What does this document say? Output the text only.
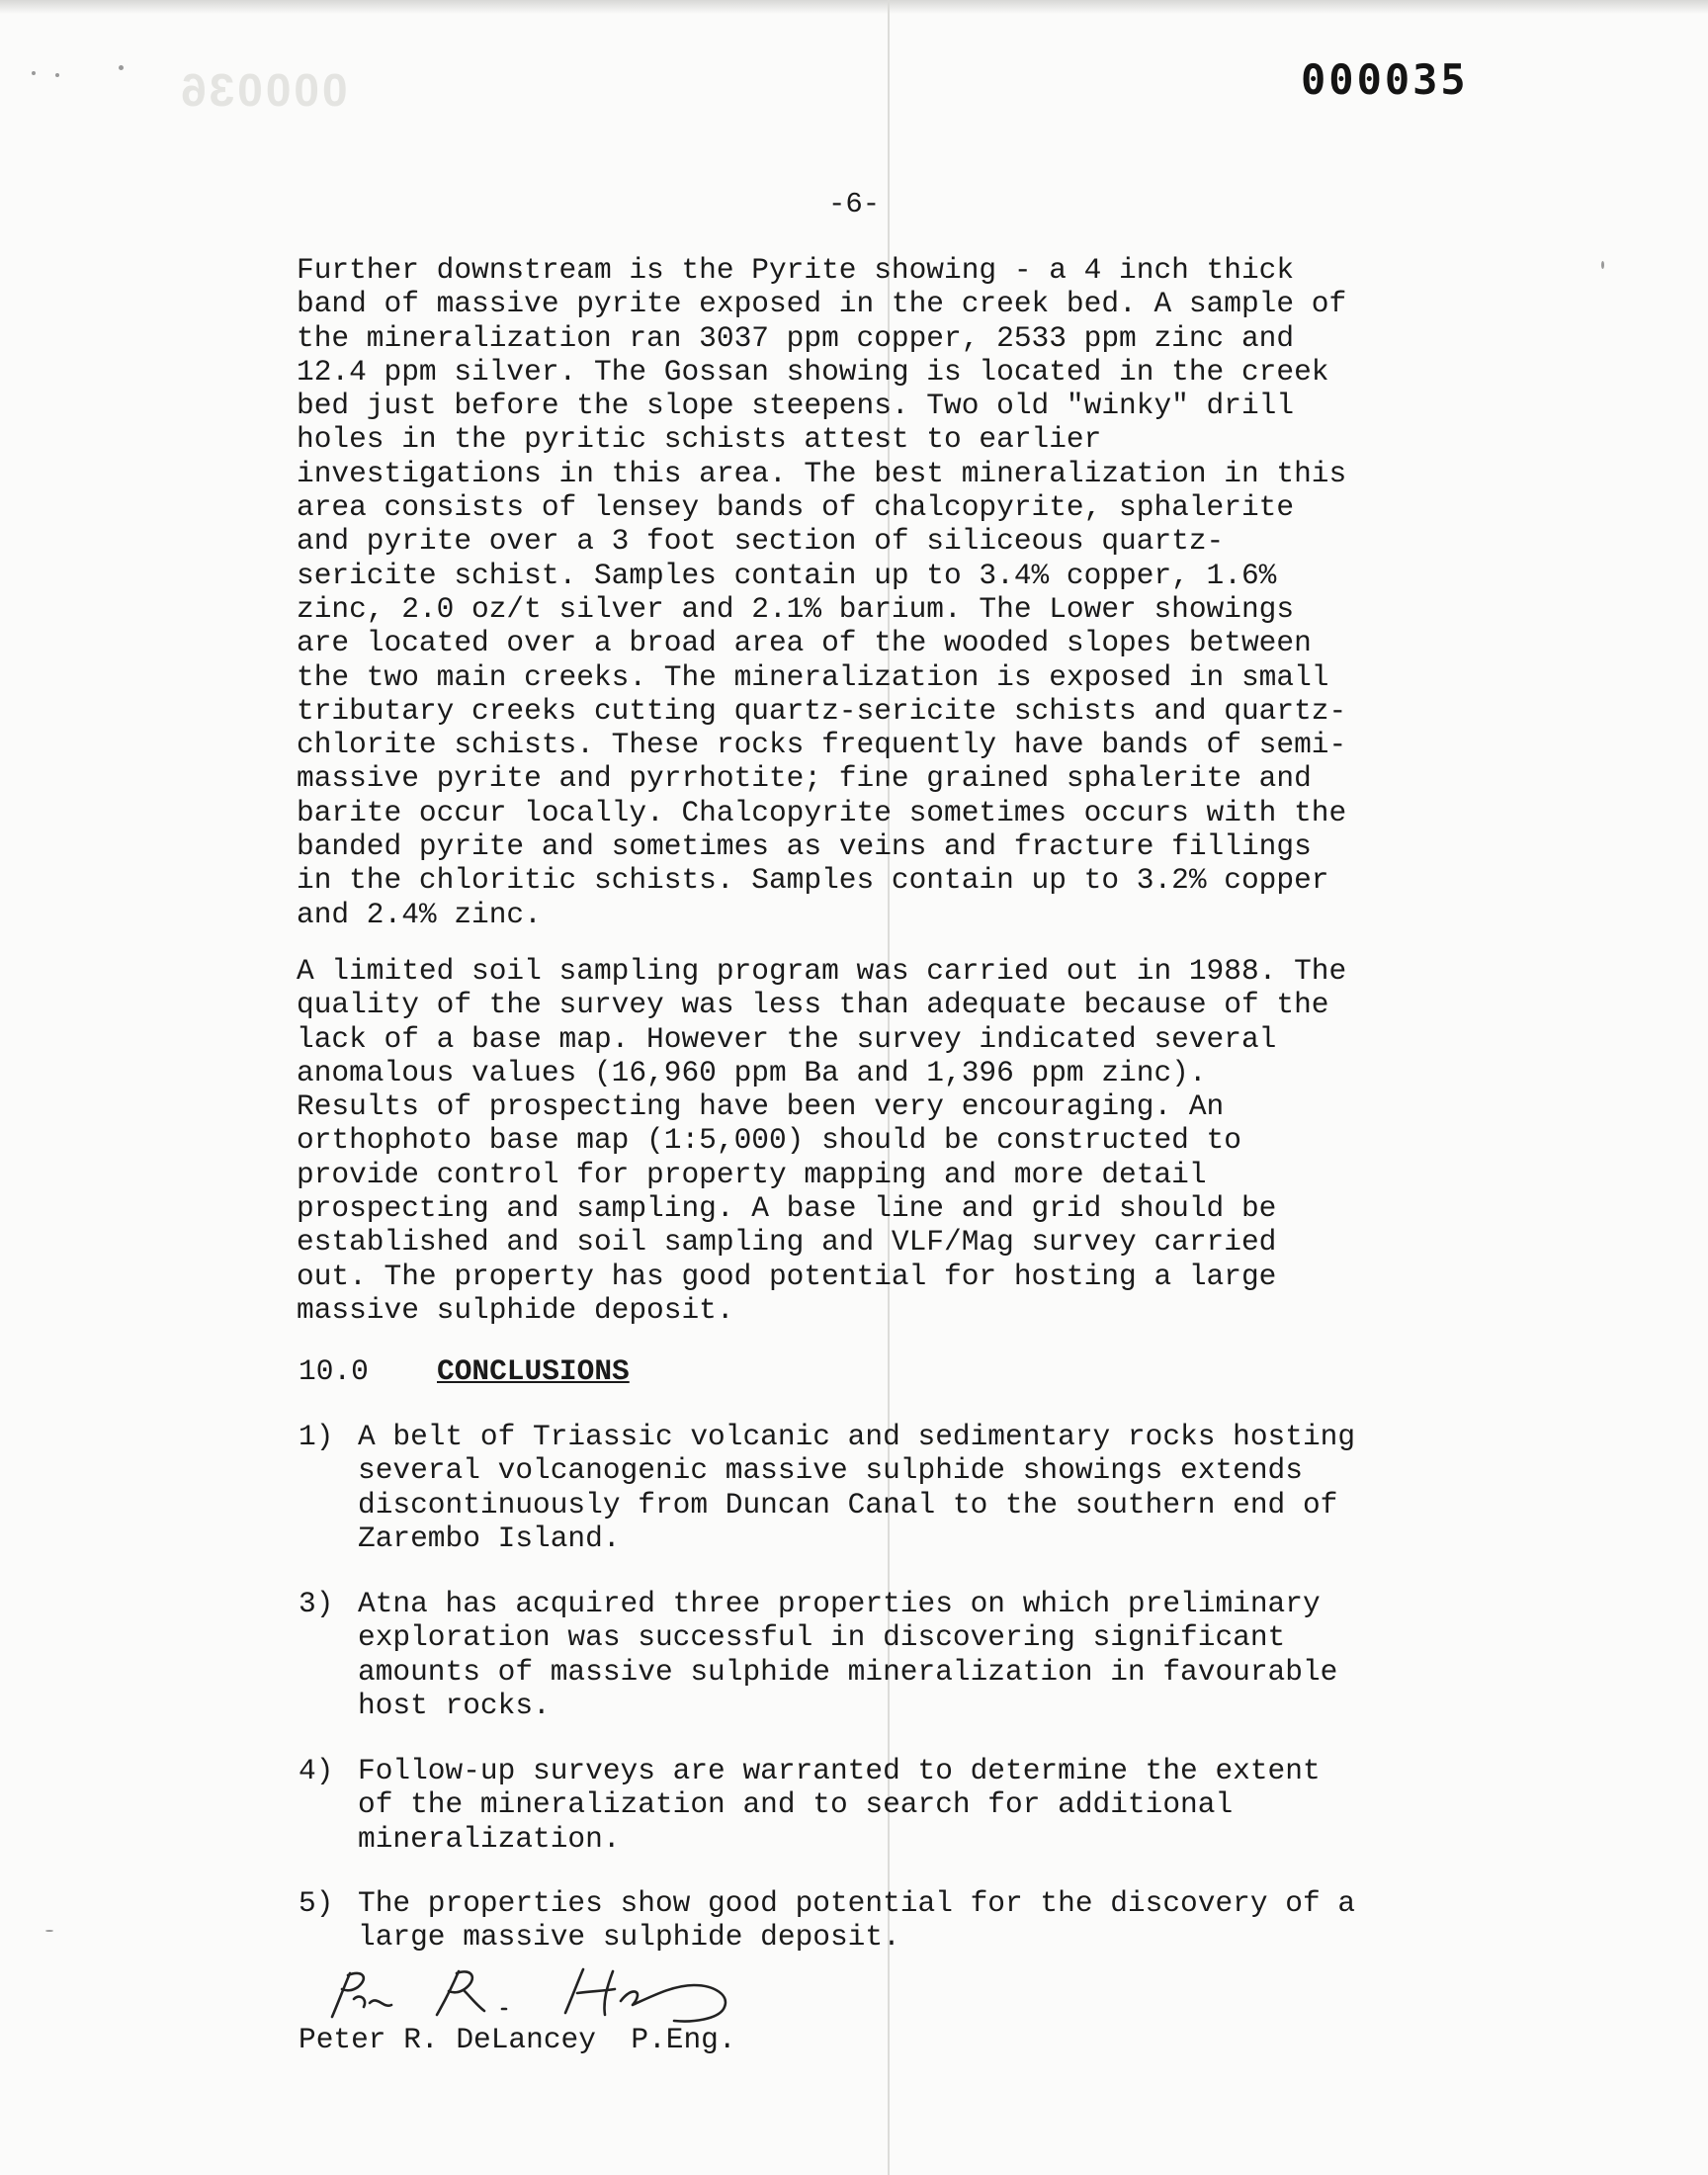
000036	000035
-6-

Further downstream is the Pyrite showing - a 4 inch thick
band of massive pyrite exposed in the creek bed. A sample of
the mineralization ran 3037 ppm copper, 2533 ppm zinc and
12.4 ppm silver. The Gossan showing is located in the creek
bed just before the slope steepens. Two old "winky" drill
holes in the pyritic schists attest to earlier
investigations in this area. The best mineralization in this
area consists of lensey bands of chalcopyrite, sphalerite
and pyrite over a 3 foot section of siliceous quartz-
sericite schist. Samples contain up to 3.4% copper, 1.6%
zinc, 2.0 oz/t silver and 2.1% barium. The Lower showings
are located over a broad area of the wooded slopes between
the two main creeks. The mineralization is exposed in small
tributary creeks cutting quartz-sericite schists and quartz-
chlorite schists. These rocks frequently have bands of semi-
massive pyrite and pyrrhotite; fine grained sphalerite and
barite occur locally. Chalcopyrite sometimes occurs with the
banded pyrite and sometimes as veins and fracture fillings
in the chloritic schists. Samples contain up to 3.2% copper
and 2.4% zinc.

A limited soil sampling program was carried out in 1988. The
quality of the survey was less than adequate because of the
lack of a base map. However the survey indicated several
anomalous values (16,960 ppm Ba and 1,396 ppm zinc).
Results of prospecting have been very encouraging. An
orthophoto base map (1:5,000) should be constructed to
provide control for property mapping and more detail
prospecting and sampling. A base line and grid should be
established and soil sampling and VLF/Mag survey carried
out. The property has good potential for hosting a large
massive sulphide deposit.

10.0	CONCLUSIONS
1) A belt of Triassic volcanic and sedimentary rocks hosting
several volcanogenic massive sulphide showings extends
discontinuously from Duncan Canal to the southern end of
Zarembo Island.
3) Atna has acquired three properties on which preliminary
exploration was successful in discovering significant
amounts of massive sulphide mineralization in favourable
host rocks.
4) Follow-up surveys are warranted to determine the extent
of the mineralization and to search for additional
mineralization.
5) The properties show good potential for the discovery of a
large massive sulphide deposit.
Peter R. DeLancey  P.Eng.
